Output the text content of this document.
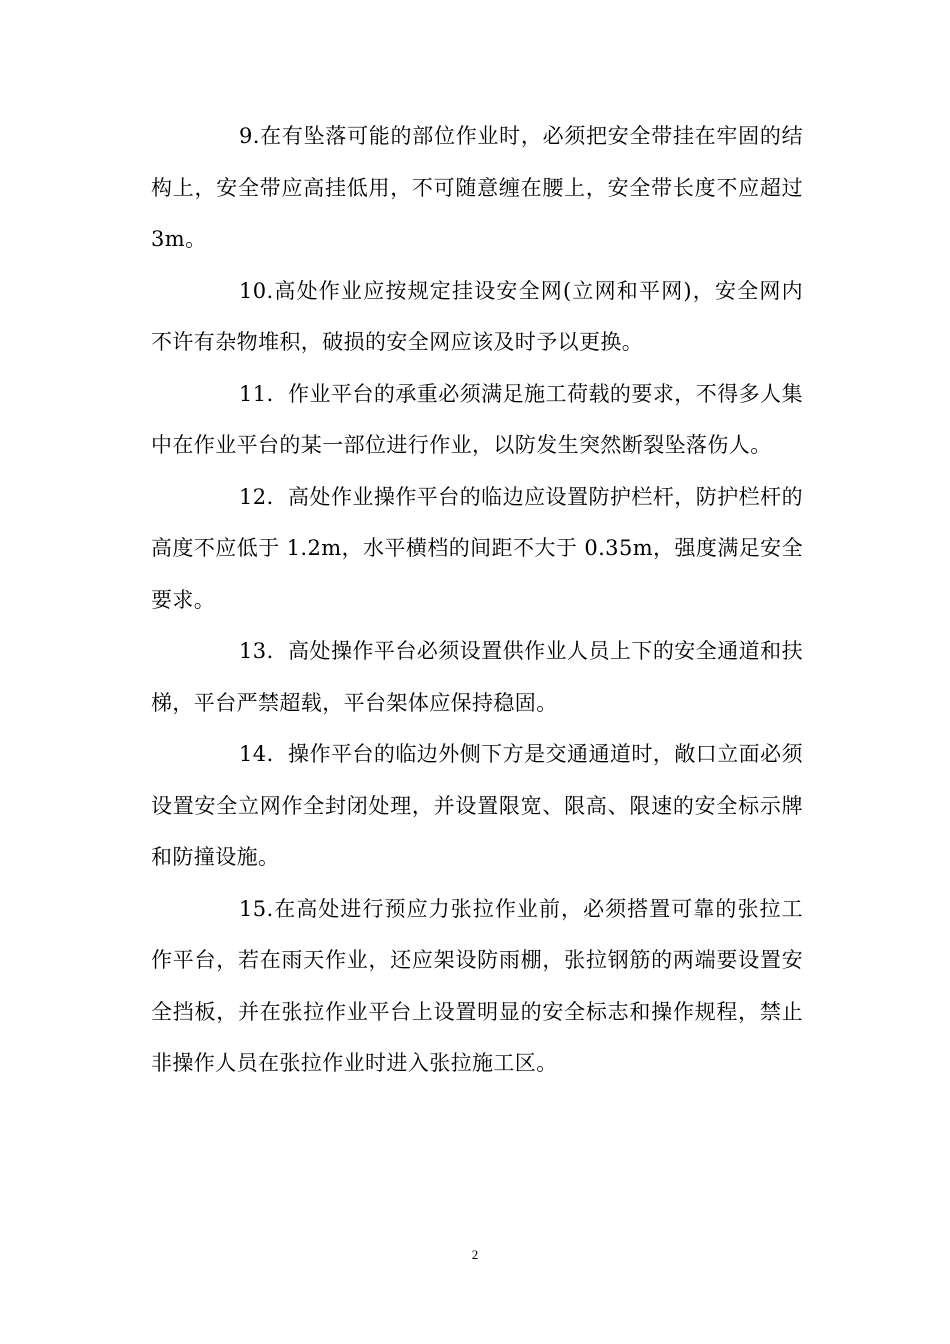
9.在有坠落可能的部位作业时，必须把安全带挂在牢固的结构上，安全带应高挂低用，不可随意缠在腰上，安全带长度不应超过 3m。

10.高处作业应按规定挂设安全网(立网和平网)，安全网内不许有杂物堆积，破损的安全网应该及时予以更换。

11．作业平台的承重必须满足施工荷载的要求，不得多人集中在作业平台的某一部位进行作业，以防发生突然断裂坠落伤人。

12．高处作业操作平台的临边应设置防护栏杆，防护栏杆的高度不应低于 1.2m，水平横档的间距不大于 0.35m，强度满足安全要求。

13．高处操作平台必须设置供作业人员上下的安全通道和扶梯，平台严禁超载，平台架体应保持稳固。

14．操作平台的临边外侧下方是交通通道时，敞口立面必须设置安全立网作全封闭处理，并设置限宽、限高、限速的安全标示牌和防撞设施。

15.在高处进行预应力张拉作业前，必须搭置可靠的张拉工作平台，若在雨天作业，还应架设防雨棚，张拉钢筋的两端要设置安全挡板，并在张拉作业平台上设置明显的安全标志和操作规程，禁止非操作人员在张拉作业时进入张拉施工区。

2
